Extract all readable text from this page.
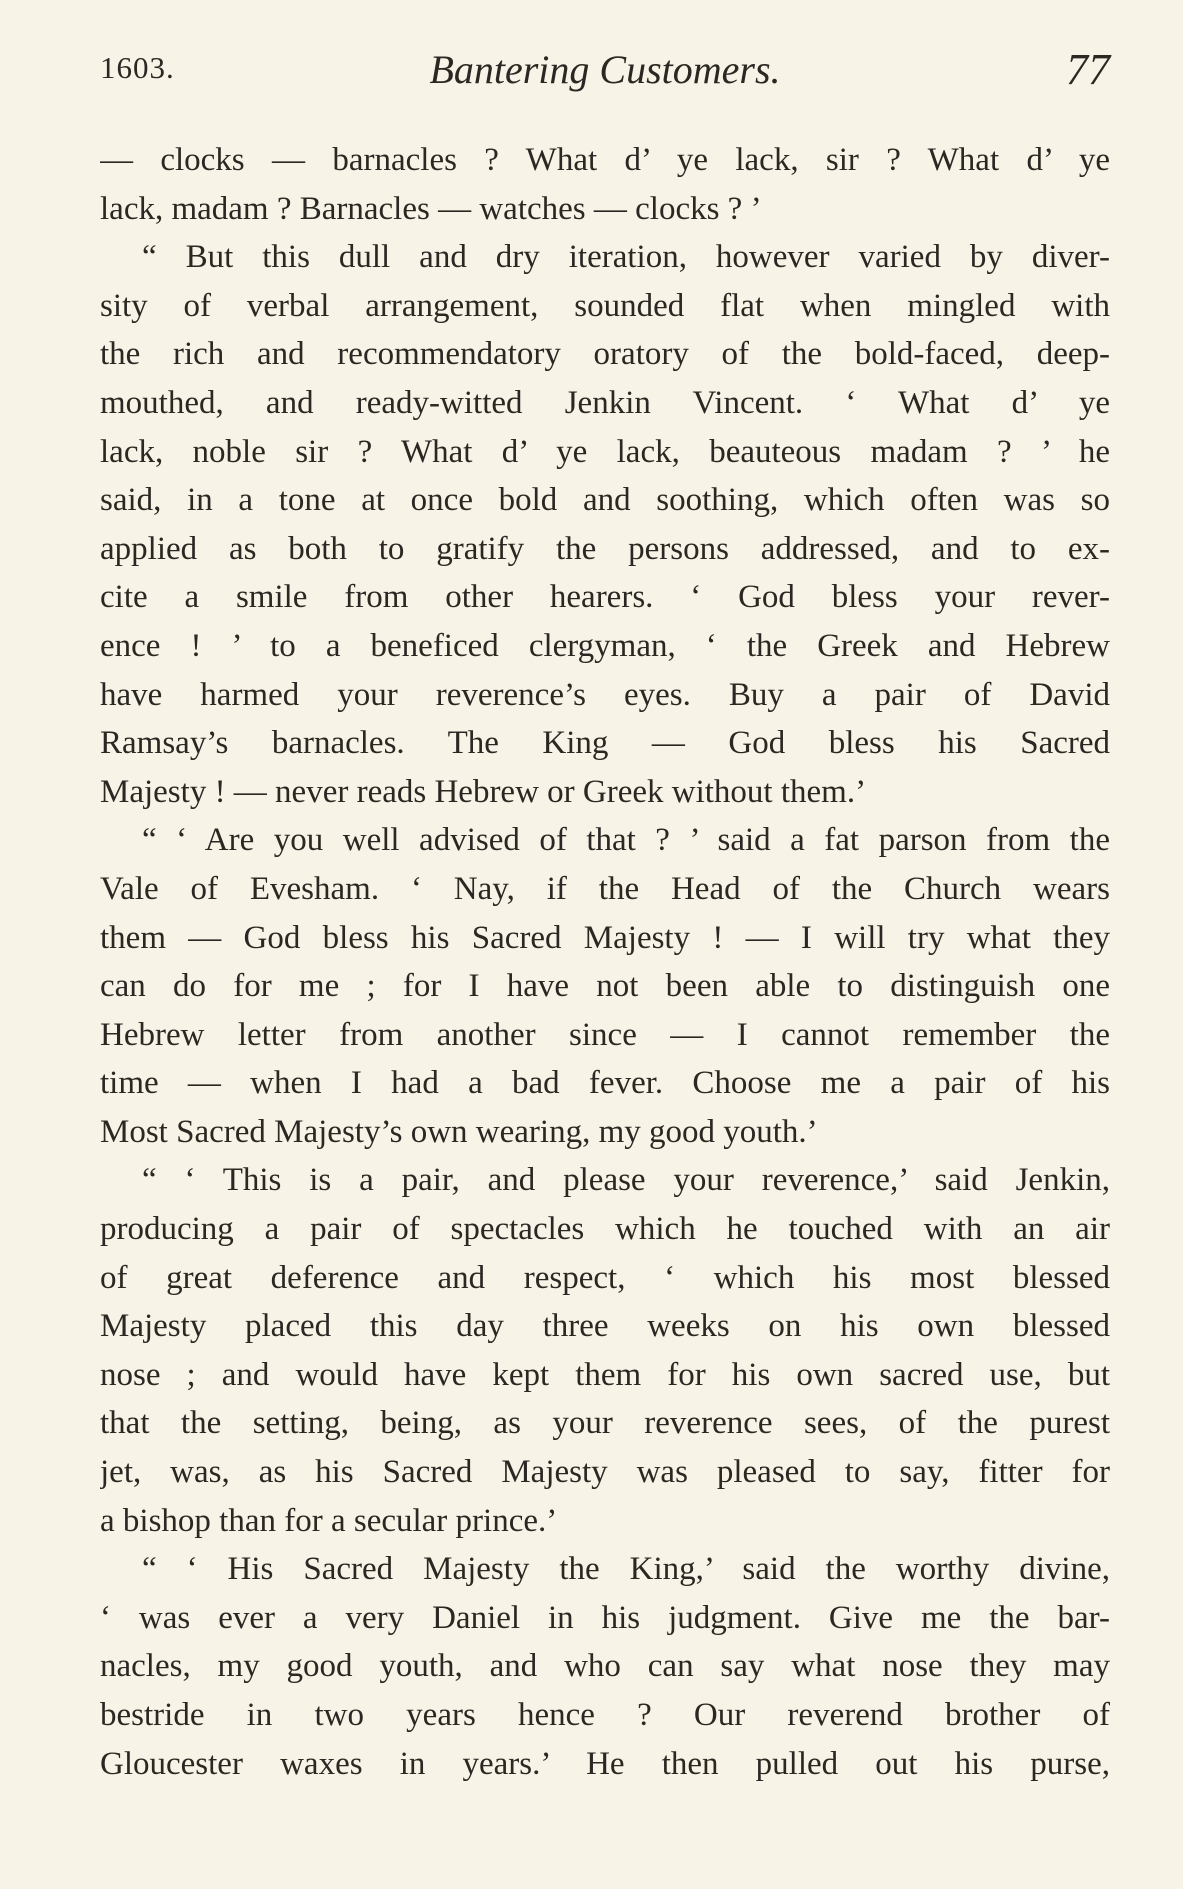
1603.	Bantering Customers.	77
— clocks — barnacles ? What d’ ye lack, sir ? What d’ ye
lack, madam ? Barnacles — watches — clocks ? ’
“ But this dull and dry iteration, however varied by diver-
sity of verbal arrangement, sounded flat when mingled with
the rich and recommendatory oratory of the bold-faced, deep-
mouthed, and ready-witted Jenkin Vincent. ‘ What d’ ye
lack, noble sir ? What d’ ye lack, beauteous madam ? ’ he
said, in a tone at once bold and soothing, which often was so
applied as both to gratify the persons addressed, and to ex-
cite a smile from other hearers. ‘ God bless your rever-
ence ! ’ to a beneficed clergyman, ‘ the Greek and Hebrew
have harmed your reverence’s eyes. Buy a pair of David
Ramsay’s barnacles. The King — God bless his Sacred
Majesty ! — never reads Hebrew or Greek without them.’
“ ‘ Are you well advised of that ? ’ said a fat parson from the
Vale of Evesham. ‘ Nay, if the Head of the Church wears
them — God bless his Sacred Majesty ! — I will try what they
can do for me ; for I have not been able to distinguish one
Hebrew letter from another since — I cannot remember the
time — when I had a bad fever. Choose me a pair of his
Most Sacred Majesty’s own wearing, my good youth.’
“ ‘ This is a pair, and please your reverence,’ said Jenkin,
producing a pair of spectacles which he touched with an air
of great deference and respect, ‘ which his most blessed
Majesty placed this day three weeks on his own blessed
nose ; and would have kept them for his own sacred use, but
that the setting, being, as your reverence sees, of the purest
jet, was, as his Sacred Majesty was pleased to say, fitter for
a bishop than for a secular prince.’
“ ‘ His Sacred Majesty the King,’ said the worthy divine,
‘ was ever a very Daniel in his judgment. Give me the bar-
nacles, my good youth, and who can say what nose they may
bestride in two years hence ? Our reverend brother of
Gloucester waxes in years.’ He then pulled out his purse,
